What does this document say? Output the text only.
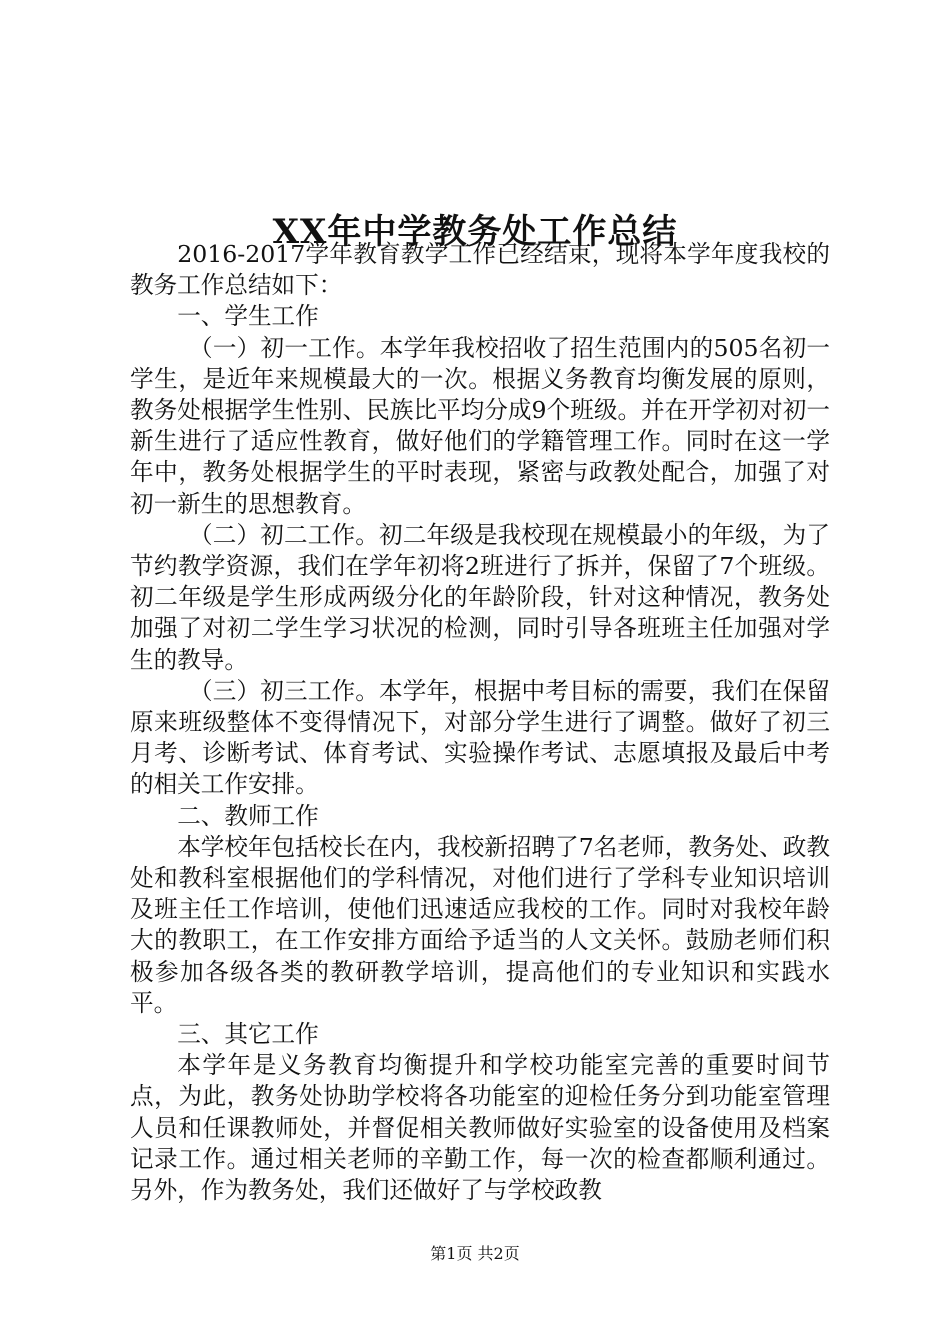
XX年中学教务处工作总结

2016-2017学年教育教学工作已经结束，现将本学年度我校的教务工作总结如下：

一、学生工作

（一）初一工作。本学年我校招收了招生范围内的505名初一学生，是近年来规模最大的一次。根据义务教育均衡发展的原则，教务处根据学生性别、民族比平均分成9个班级。并在开学初对初一新生进行了适应性教育，做好他们的学籍管理工作。同时在这一学年中，教务处根据学生的平时表现，紧密与政教处配合，加强了对初一新生的思想教育。

（二）初二工作。初二年级是我校现在规模最小的年级，为了节约教学资源，我们在学年初将2班进行了拆并，保留了7个班级。初二年级是学生形成两级分化的年龄阶段，针对这种情况，教务处加强了对初二学生学习状况的检测，同时引导各班班主任加强对学生的教导。

（三）初三工作。本学年，根据中考目标的需要，我们在保留原来班级整体不变得情况下，对部分学生进行了调整。做好了初三月考、诊断考试、体育考试、实验操作考试、志愿填报及最后中考的相关工作安排。

二、教师工作

本学校年包括校长在内，我校新招聘了7名老师，教务处、政教处和教科室根据他们的学科情况，对他们进行了学科专业知识培训及班主任工作培训，使他们迅速适应我校的工作。同时对我校年龄大的教职工，在工作安排方面给予适当的人文关怀。鼓励老师们积极参加各级各类的教研教学培训，提高他们的专业知识和实践水平。

三、其它工作

本学年是义务教育均衡提升和学校功能室完善的重要时间节点，为此，教务处协助学校将各功能室的迎检任务分到功能室管理人员和任课教师处，并督促相关教师做好实验室的设备使用及档案记录工作。通过相关老师的辛勤工作，每一次的检查都顺利通过。另外，作为教务处，我们还做好了与学校政教

第1页 共2页
